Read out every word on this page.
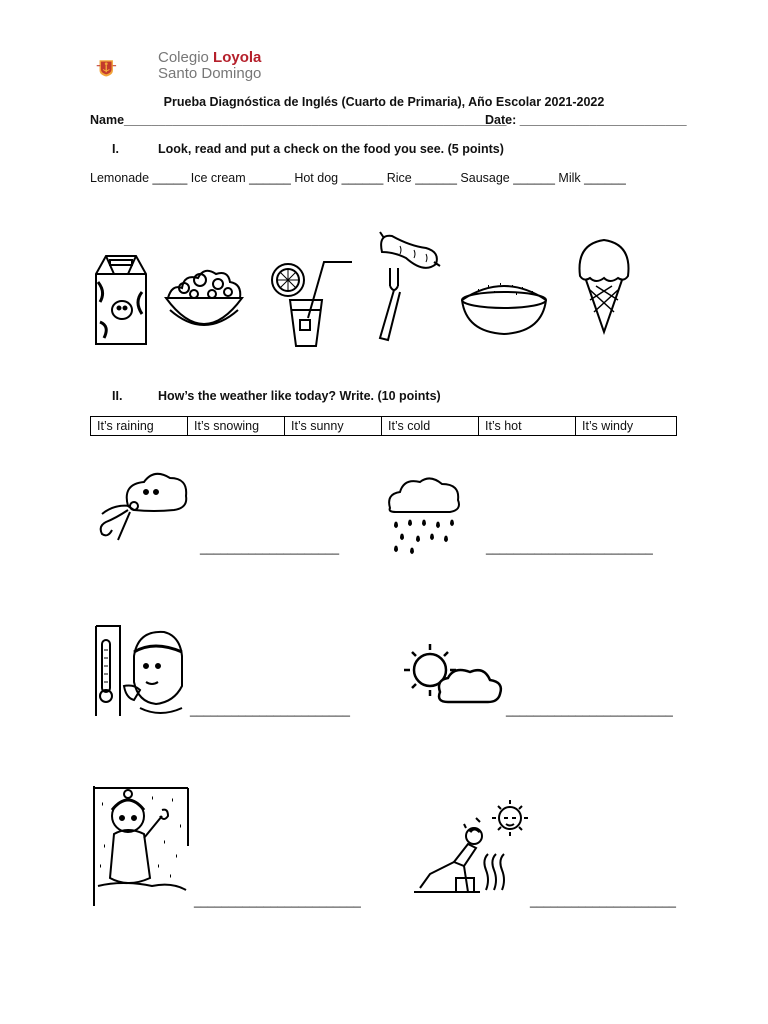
Colegio Loyola
Santo Domingo
Prueba Diagnóstica de Inglés (Cuarto de Primaria), Año Escolar 2021-2022
Name_______________________________________________________
Date: ________________________
I.	Look, read and put a check on the food you see. (5 points)
Lemonade _____ Ice cream ______ Hot dog ______ Rice ______ Sausage ______ Milk ______
II.	How’s the weather like today? Write. (10 points)
It’s raining	It’s snowing	It’s sunny	It’s cold	It’s hot	It’s windy
____________________	________________________
_______________________	________________________
________________________	_____________________
